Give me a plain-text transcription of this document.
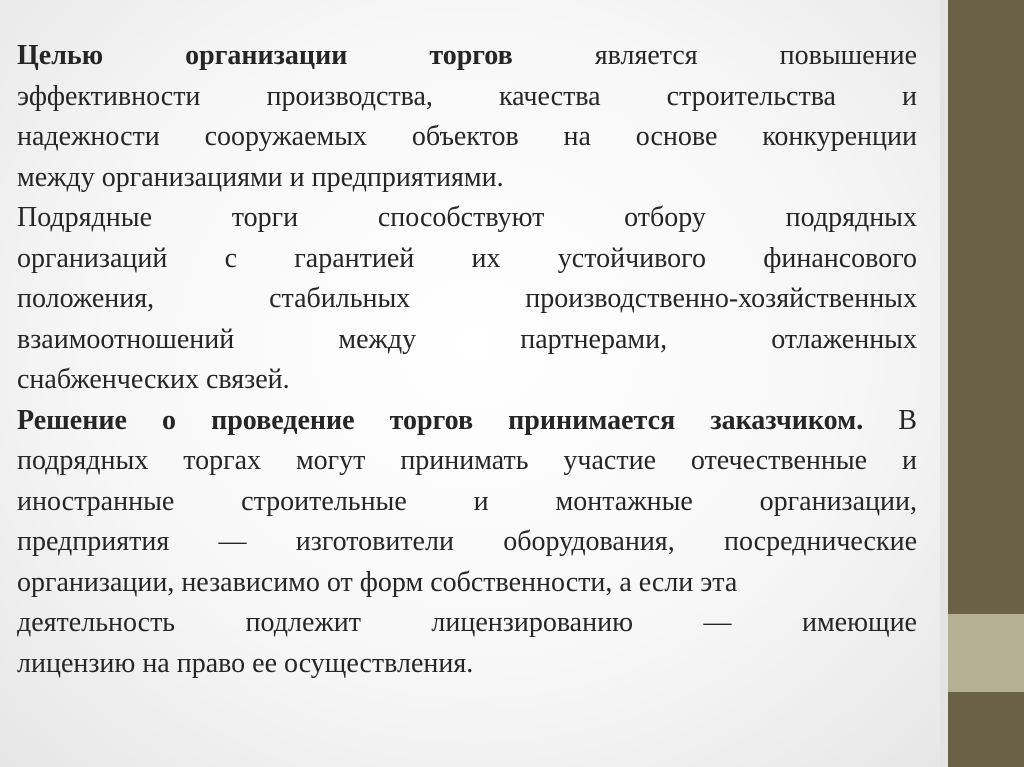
Целью	организации	торгов	является повышение
эффективности производства, качества строительства и
надежности сооружаемых объектов на основе конкуренции
между организациями и предприятиями.
Подрядные торги способствуют отбору подрядных
организаций с гарантией их устойчивого финансового
положения, стабильных производственно-хозяйственных
взаимоотношений между партнерами, отлаженных
снабженческих связей.
Решение о проведение торгов принимается заказчиком. В
подрядных торгах могут принимать участие отечественные и
иностранные строительные и монтажные организации,
предприятия — изготовители оборудования, посреднические
организации, независимо от форм собственности, а если эта
деятельность подлежит лицензированию — имеющие
лицензию на право ее осуществления.
